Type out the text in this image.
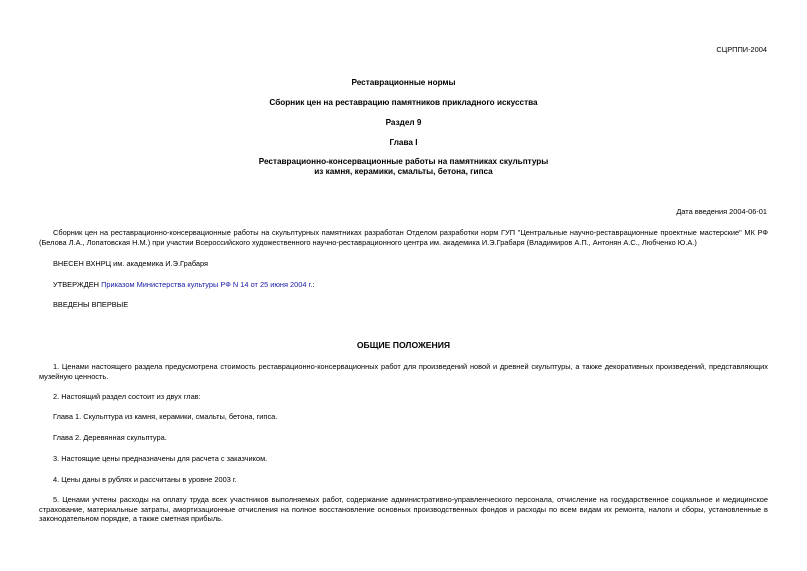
СЦРППИ-2004
Реставрационные нормы
Сборник цен на реставрацию памятников прикладного искусства
Раздел 9
Глава I
Реставрационно-консервационные работы на памятниках скульптуры
из камня, керамики, смальты, бетона, гипса
Дата введения 2004-06-01
Сборник цен на реставрационно-консервационные работы на скульптурных памятниках разработан Отделом разработки норм ГУП "Центральные научно-реставрационные проектные мастерские" МК РФ (Белова Л.А., Лопатовская Н.М.) при участии Всероссийского художественного научно-реставрационного центра им. академика И.Э.Грабаря (Владимиров А.П., Антонян А.С., Любченко Ю.А.)
ВНЕСЕН ВХНРЦ им. академика И.Э.Грабаря
УТВЕРЖДЕН Приказом Министерства культуры РФ N 14 от 25 июня 2004 г.:
ВВЕДЕНЫ ВПЕРВЫЕ
ОБЩИЕ ПОЛОЖЕНИЯ
1. Ценами настоящего раздела предусмотрена стоимость реставрационно-консервационных работ для произведений новой и древней скульптуры, а также декоративных произведений, представляющих музейную ценность.
2. Настоящий раздел состоит из двух глав:
Глава 1. Скульптура из камня, керамики, смальты, бетона, гипса.
Глава 2. Деревянная скульптура.
3. Настоящие цены предназначены для расчета с заказчиком.
4. Цены даны в рублях и рассчитаны в уровне 2003 г.
5. Ценами учтены расходы на оплату труда всех участников выполняемых работ, содержание административно-управленческого персонала, отчисление на государственное социальное и медицинское страхование, материальные затраты, амортизационные отчисления на полное восстановление основных производственных фондов и расходы по всем видам их ремонта, налоги и сборы, установленные в законодательном порядке, а также сметная прибыль.
